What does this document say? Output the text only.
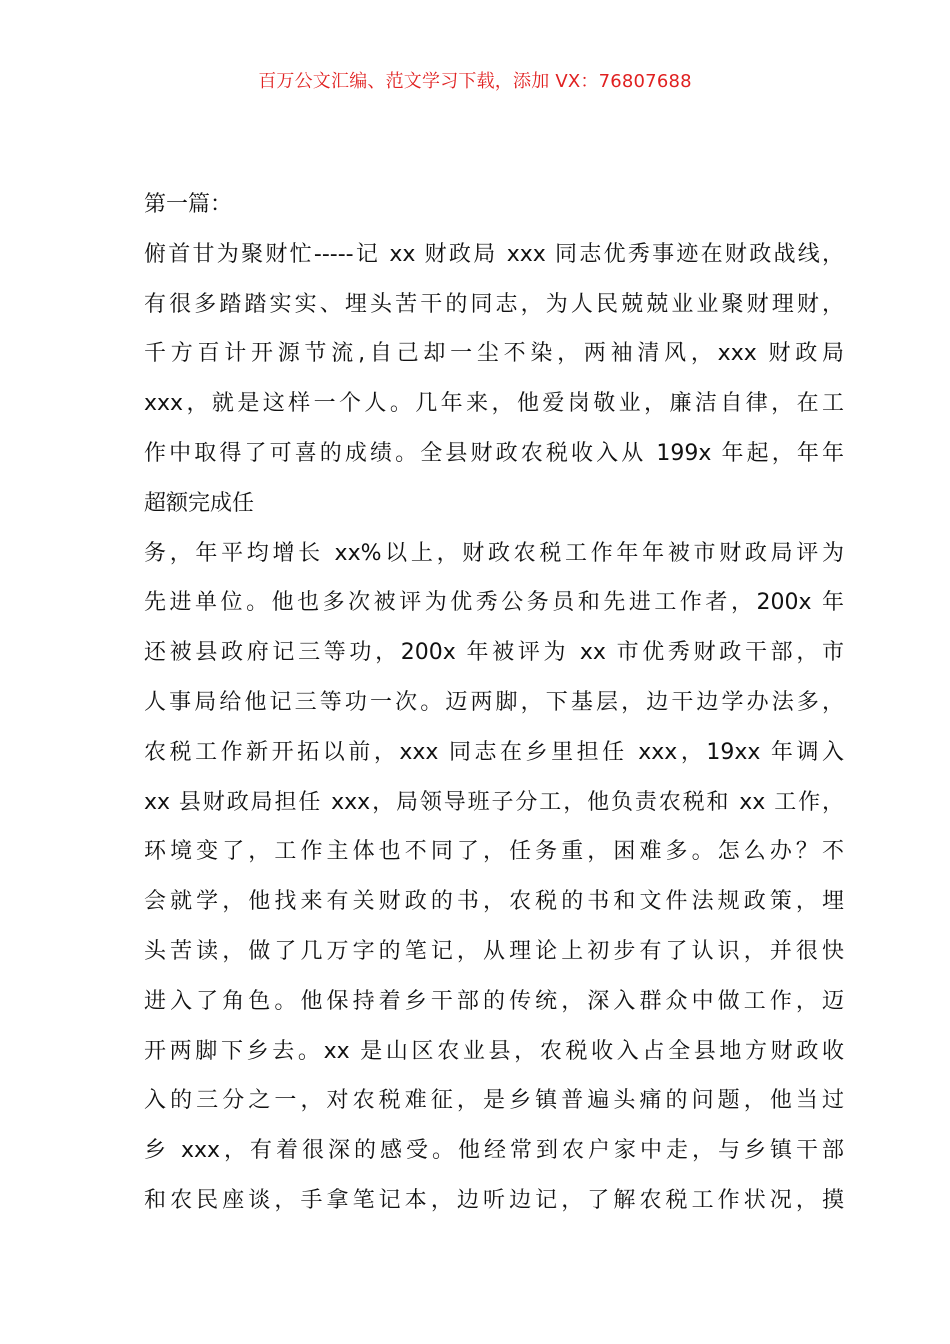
百万公文汇编、范文学习下载，添加 VX：76807688
第一篇：
俯首甘为聚财忙-----记 xx 财政局 xxx 同志优秀事迹在财政战线，
有很多踏踏实实、埋头苦干的同志，为人民兢兢业业聚财理财，
千方百计开源节流,自己却一尘不染，两袖清风，xxx 财政局
xxx，就是这样一个人。几年来，他爱岗敬业，廉洁自律，在工
作中取得了可喜的成绩。全县财政农税收入从 199x 年起，年年
超额完成任
务，年平均增长 xx%以上，财政农税工作年年被市财政局评为
先进单位。他也多次被评为优秀公务员和先进工作者，200x 年
还被县政府记三等功，200x 年被评为 xx 市优秀财政干部，市
人事局给他记三等功一次。迈两脚，下基层，边干边学办法多，
农税工作新开拓以前，xxx 同志在乡里担任 xxx，19xx 年调入
xx 县财政局担任 xxx，局领导班子分工，他负责农税和 xx 工作，
环境变了，工作主体也不同了，任务重，困难多。怎么办？不
会就学，他找来有关财政的书，农税的书和文件法规政策，埋
头苦读，做了几万字的笔记，从理论上初步有了认识，并很快
进入了角色。他保持着乡干部的传统，深入群众中做工作，迈
开两脚下乡去。xx 是山区农业县，农税收入占全县地方财政收
入的三分之一，对农税难征，是乡镇普遍头痛的问题，他当过
乡 xxx，有着很深的感受。他经常到农户家中走，与乡镇干部
和农民座谈，手拿笔记本，边听边记，了解农税工作状况，摸
